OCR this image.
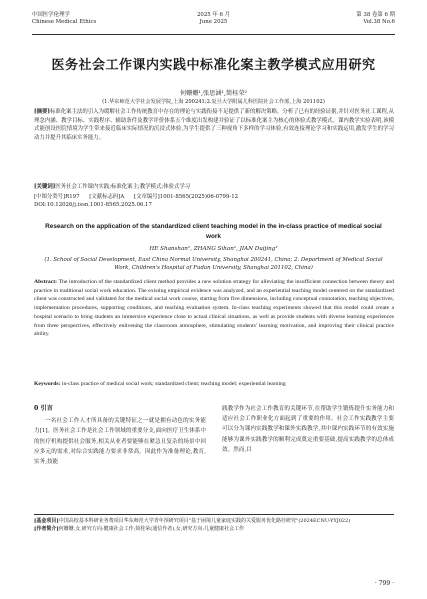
中国医学伦理学
Chinese Medical Ethics
2025 年 6 月
June 2025
第 38 卷第 6 期
Vol.38 No.6
医务社会工作课内实践中标准化案主教学模式应用研究
何姗姗¹,张思涵¹,简桂荣²
(1.华东师范大学社会发展学院,上海 200241;2.复旦大学附属儿科医院社会工作部,上海 201102)
[摘要]标准化案主法的引入为缓解社会工作传统教育中存在的理论与实践衔接不足提供了新的解决策略。分析了已有的经验证据,并针对医务社工课程,从理念内涵、教学目标、实践程序、辅助条件及教学评价体系五个维度出发构建并验证了以标准化案主为核心的体验式教学模式。课内教学实验表明,该模式能创设医院情境为学生带来接近临床实际情况的沉浸式体验,为学生提供了三种视角下多样的学习体验,有效连接理论学习和实践运用,激发学生的学习动力并提升其临床实务能力。
[关键词]医务社会工作课内实践;标准化案主;教学模式;体验式学习
[中图分类号]R197 [文献标志码]A [文章编号]1001-8565(2025)06-0799-12
DOI:10.12026/j.issn.1001-8565.2025.06.17
Research on the application of the standardized client teaching model in the in-class practice of medical social work
HE Shanshan¹, ZHANG Sihan¹, JIAN Duijing²
(1. School of Social Development, East China Normal University, Shanghai 200241, China; 2. Department of Medical Social Work, Children's Hospital of Fudan University, Shanghai 201102, China)
Abstract: The introduction of the standardized client method provides a new solution strategy for alleviating the insufficient connection between theory and practice in traditional social work education. The existing empirical evidence was analyzed, and an experiential teaching model centered on the standardized client was constructed and validated for the medical social work course, starting from five dimensions, including conceptual connotation, teaching objectives, implementation procedures, supporting conditions, and teaching evaluation system. In-class teaching experiments showed that this model could create a hospital scenario to bring students an immersive experience close to actual clinical situations, as well as provide students with diverse learning experiences from three perspectives, effectively enlivening the classroom atmosphere, stimulating students' learning motivation, and improving their clinical practice ability.
Keywords: in-class practice of medical social work; standardized client; teaching model; experiential learning
0 引言
一名社会工作人才所具备的关键特征之一就是拥有动色的实务能力[1]。医务社会工作是社会工作领域的重要分支,面向医疗卫生体系中的医疗机构提供社会服务,相关从业者要能够在紧急且复杂的场景中回应多元的需求,对综合实践能力要求非常高。因此作为准备理论,教育,实务,技能
践教学作为社会工作教育的关键环节,在帮助学生锻炼提升实务能力和适应社会工作职业化方面起到了重要的作用。社会工作实践教学主要可以分为课内实践教学和课外实践教学,其中课内实践环节的有效实施能够为课外实践教学的顺利完成奠定重要基础,提高实践教学的总体成效。然而,目
[基金项目]中国高校基本科研业务费项目华东师范大学青年预研究项目"基于困境儿童家庭实践的关爱服务优化路径研究"(2024ECNU-YYJ022)
[作者简介]何姗姗,女,研究方向:健康社会工作;简桂荣(通信作者),女,研究方向:儿童健康社会工作
· 799 ·
